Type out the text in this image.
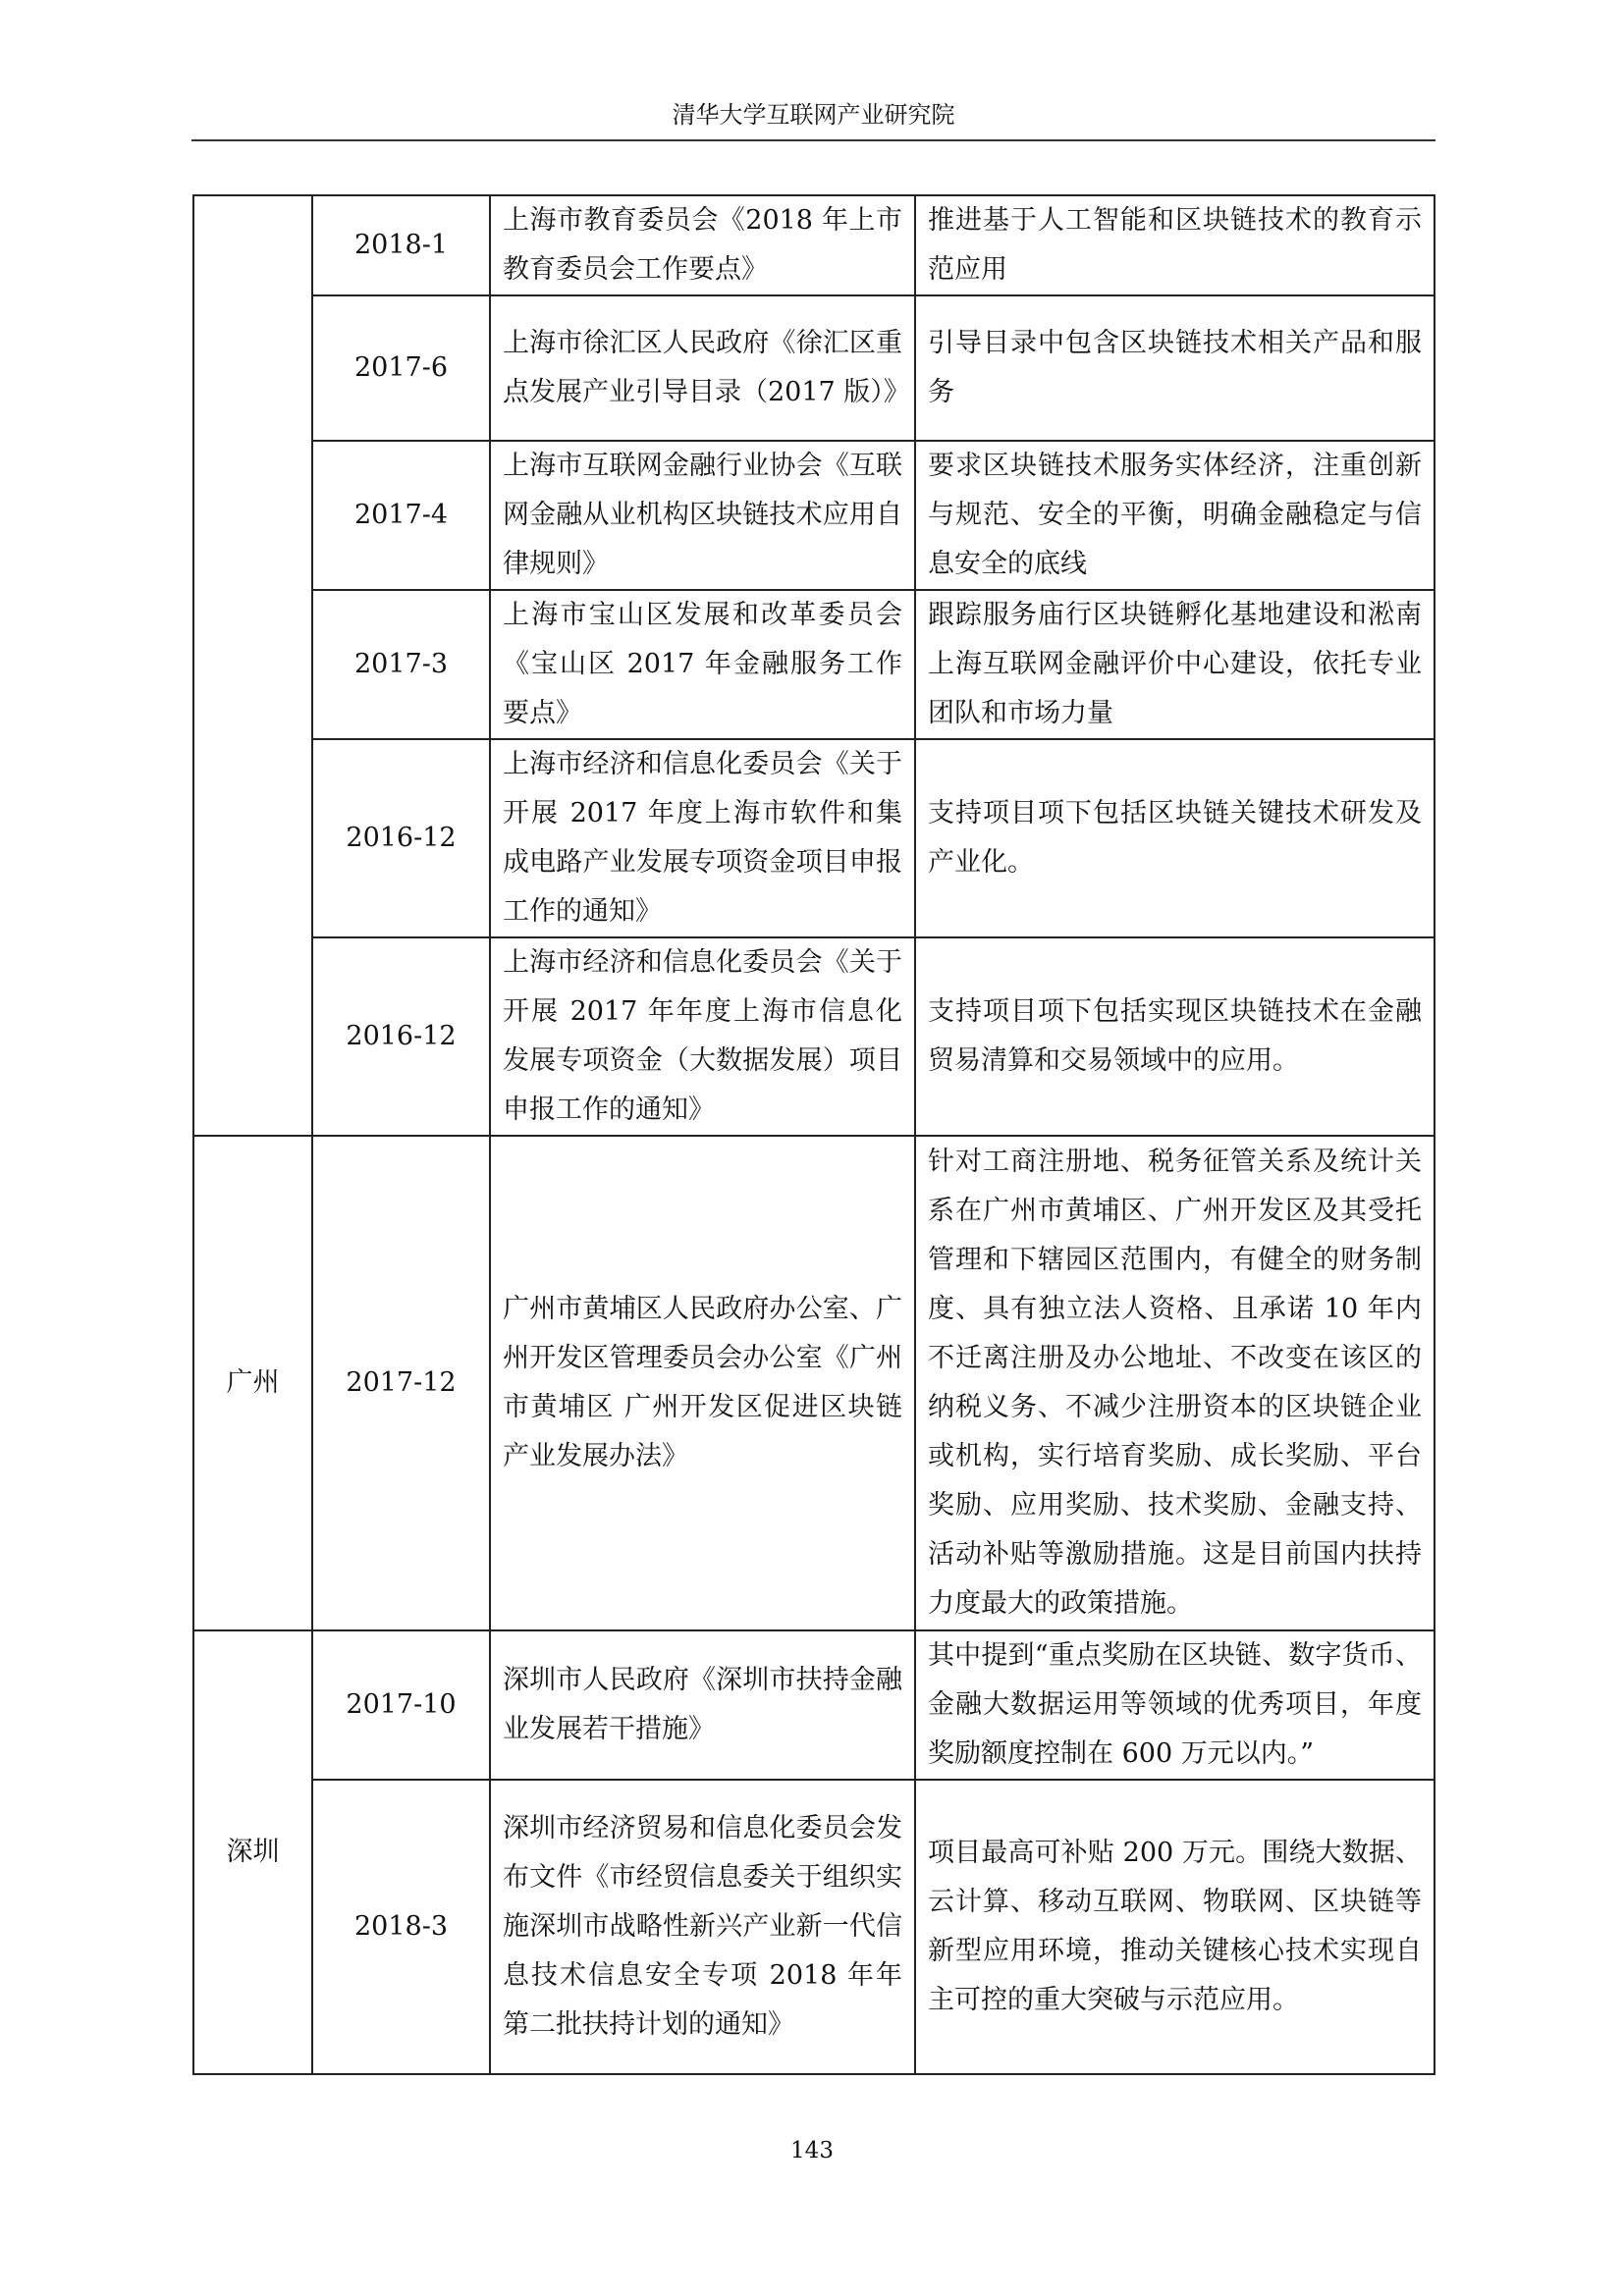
清华大学互联网产业研究院
	2018-1	上海市教育委员会《2018 年上市教育委员会工作要点》	推进基于人工智能和区块链技术的教育示范应用
	2017-6	上海市徐汇区人民政府《徐汇区重点发展产业引导目录（2017 版）》	引导目录中包含区块链技术相关产品和服务
	2017-4	上海市互联网金融行业协会《互联网金融从业机构区块链技术应用自律规则》	要求区块链技术服务实体经济，注重创新与规范、安全的平衡，明确金融稳定与信息安全的底线
	2017-3	上海市宝山区发展和改革委员会《宝山区 2017 年金融服务工作要点》	跟踪服务庙行区块链孵化基地建设和淞南上海互联网金融评价中心建设，依托专业团队和市场力量
	2016-12	上海市经济和信息化委员会《关于开展 2017 年度上海市软件和集成电路产业发展专项资金项目申报工作的通知》	支持项目项下包括区块链关键技术研发及产业化。
	2016-12	上海市经济和信息化委员会《关于开展 2017 年年度上海市信息化发展专项资金（大数据发展）项目申报工作的通知》	支持项目项下包括实现区块链技术在金融贸易清算和交易领域中的应用。
广州	2017-12	广州市黄埔区人民政府办公室、广州开发区管理委员会办公室《广州市黄埔区 广州开发区促进区块链产业发展办法》	针对工商注册地、税务征管关系及统计关系在广州市黄埔区、广州开发区及其受托管理和下辖园区范围内，有健全的财务制度、具有独立法人资格、且承诺 10 年内不迁离注册及办公地址、不改变在该区的纳税义务、不减少注册资本的区块链企业或机构，实行培育奖励、成长奖励、平台奖励、应用奖励、技术奖励、金融支持、活动补贴等激励措施。这是目前国内扶持力度最大的政策措施。
深圳	2017-10	深圳市人民政府《深圳市扶持金融业发展若干措施》	其中提到“重点奖励在区块链、数字货币、金融大数据运用等领域的优秀项目，年度奖励额度控制在 600 万元以内。”
	2018-3	深圳市经济贸易和信息化委员会发布文件《市经贸信息委关于组织实施深圳市战略性新兴产业新一代信息技术信息安全专项 2018 年年第二批扶持计划的通知》	项目最高可补贴 200 万元。围绕大数据、云计算、移动互联网、物联网、区块链等新型应用环境，推动关键核心技术实现自主可控的重大突破与示范应用。
143
